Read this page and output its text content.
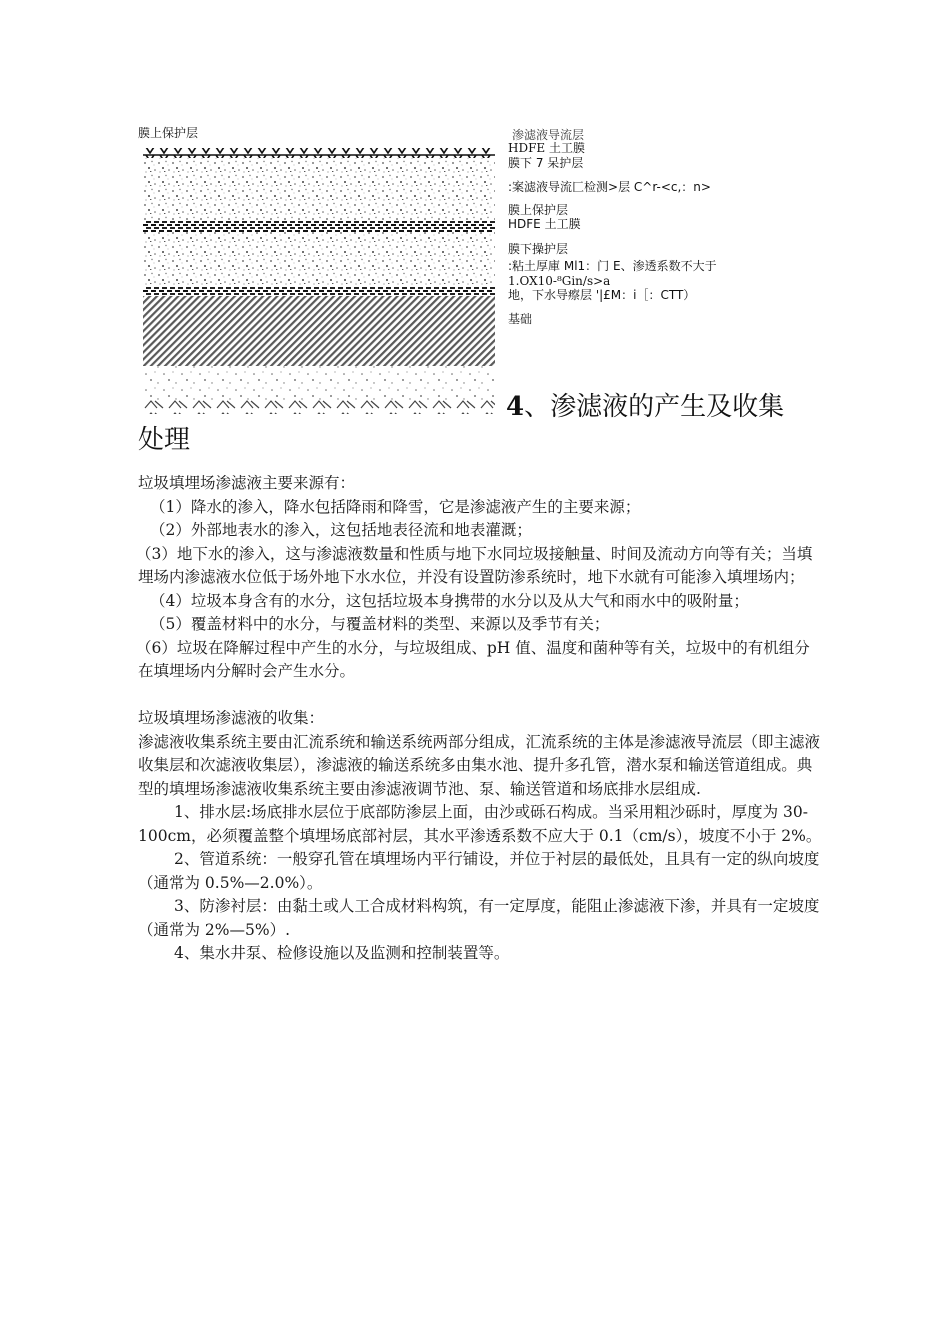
膜上保护层	渗滤液导流层
HDFE 土工膜
膜下 7 呆护层
:案滤液导流匚检测>层 C^r-<c,：n>
膜上保护层
HDFE 土工膜
膜下操护层
:粘土厚庫 Ml1：门 E、渗透系数不大于
1.OX10-⁸Gin/s>a
地，下水导瘵层 '|£M：i［：CTT）
基础
4、渗滤液的产生及收集
处理

垃圾填埋场渗滤液主要来源有：

（1）降水的渗入，降水包括降雨和降雪，它是渗滤液产生的主要来源；

（2）外部地表水的渗入，这包括地表径流和地表灌溉；

（3）地下水的渗入，这与渗滤液数量和性质与地下水同垃圾接触量、时间及流动方向等有关；当填埋场内渗滤液水位低于场外地下水水位，并没有设置防渗系统时，地下水就有可能渗入填埋场内；

（4）垃圾本身含有的水分，这包括垃圾本身携带的水分以及从大气和雨水中的吸附量；

（5）覆盖材料中的水分，与覆盖材料的类型、来源以及季节有关；

（6）垃圾在降解过程中产生的水分，与垃圾组成、pH 值、温度和菌种等有关，垃圾中的有机组分在填埋场内分解时会产生水分。

垃圾填埋场渗滤液的收集：

渗滤液收集系统主要由汇流系统和输送系统两部分组成，汇流系统的主体是渗滤液导流层（即主滤液收集层和次滤液收集层），渗滤液的输送系统多由集水池、提升多孔管，潜水泵和输送管道组成。典型的填埋场渗滤液收集系统主要由渗滤液调节池、泵、输送管道和场底排水层组成.

1、排水层:场底排水层位于底部防渗层上面，由沙或砾石构成。当采用粗沙砾时，厚度为 30-100cm，必须覆盖整个填埋场底部衬层，其水平渗透系数不应大于 0.1（cm/s），坡度不小于 2%。

2、管道系统：一般穿孔管在填埋场内平行铺设，并位于衬层的最低处，且具有一定的纵向坡度（通常为 0.5%—2.0%）。

3、防渗衬层：由黏土或人工合成材料构筑，有一定厚度，能阻止渗滤液下渗，并具有一定坡度（通常为 2%—5%）.

4、集水井泵、检修设施以及监测和控制装置等。
